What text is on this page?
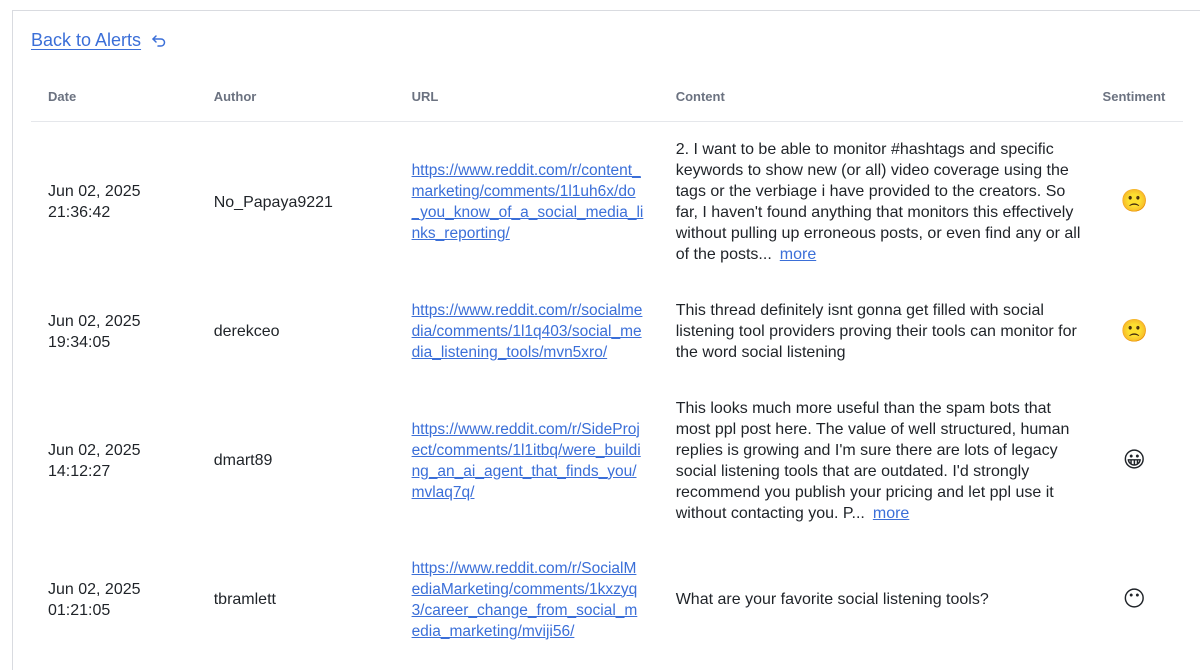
Back to Alerts
Date	Author	URL	Content	Sentiment

Jun 02, 2025
21:36:42	No_Papaya9221	https://www.reddit.com/r/content_marketing/comments/1l1uh6x/do_you_know_of_a_social_media_links_reporting/	2. I want to be able to monitor #hashtags and specific keywords to show new (or all) video coverage using the tags or the verbiage i have provided to the creators. So far, I haven't found anything that monitors this effectively without pulling up erroneous posts, or even find any or all of the posts... more	🙁

Jun 02, 2025
19:34:05	derekceo	https://www.reddit.com/r/socialmedia/comments/1l1q403/social_media_listening_tools/mvn5xro/	This thread definitely isnt gonna get filled with social listening tool providers proving their tools can monitor for the word social listening	🙁

Jun 02, 2025
14:12:27	dmart89	https://www.reddit.com/r/SideProject/comments/1l1itbq/were_building_an_ai_agent_that_finds_you/mvlaq7q/	This looks much more useful than the spam bots that most ppl post here. The value of well structured, human replies is growing and I'm sure there are lots of legacy social listening tools that are outdated. I'd strongly recommend you publish your pricing and let ppl use it without contacting you. P... more	😀

Jun 02, 2025
01:21:05	tbramlett	https://www.reddit.com/r/SocialMediaMarketing/comments/1kxzyq3/career_change_from_social_media_marketing/mviji56/	What are your favorite social listening tools?	😶
